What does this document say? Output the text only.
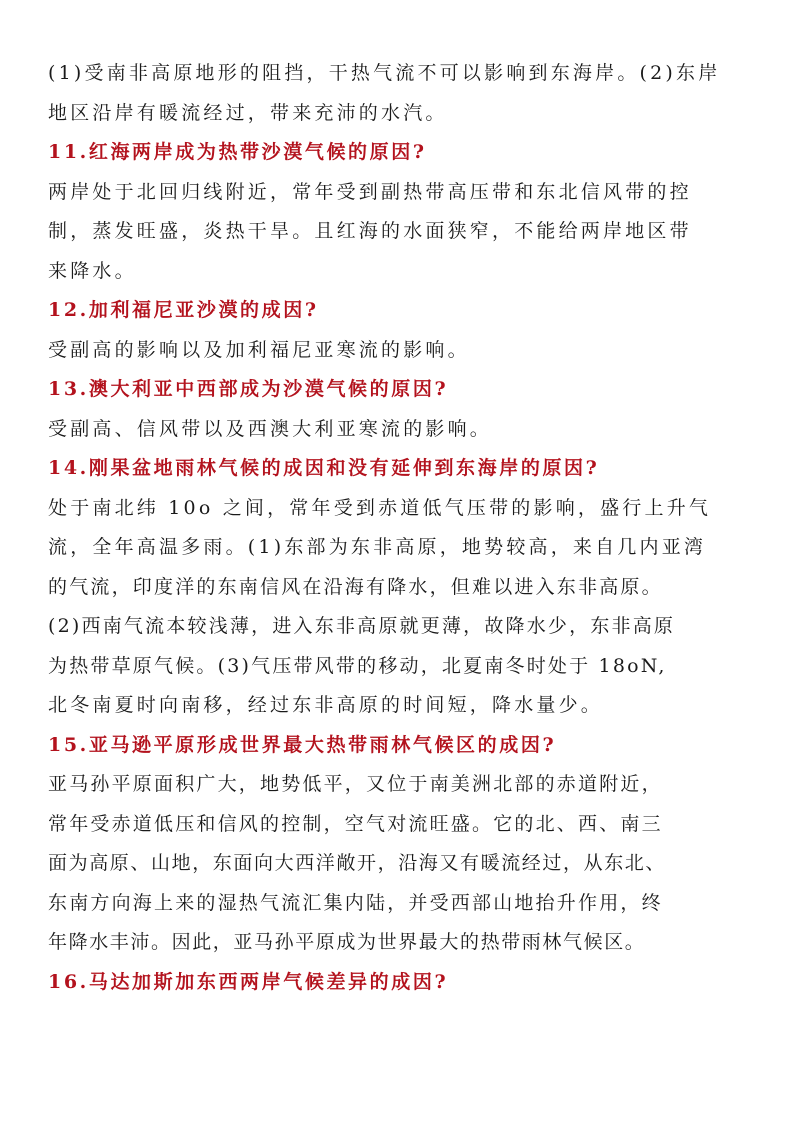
(1)受南非高原地形的阻挡，干热气流不可以影响到东海岸。(2)东岸
地区沿岸有暖流经过，带来充沛的水汽。
11.红海两岸成为热带沙漠气候的原因?
两岸处于北回归线附近，常年受到副热带高压带和东北信风带的控
制，蒸发旺盛，炎热干旱。且红海的水面狭窄，不能给两岸地区带
来降水。
12.加利福尼亚沙漠的成因?
受副高的影响以及加利福尼亚寒流的影响。
13.澳大利亚中西部成为沙漠气候的原因?
受副高、信风带以及西澳大利亚寒流的影响。
14.刚果盆地雨林气候的成因和没有延伸到东海岸的原因?
处于南北纬 10o 之间，常年受到赤道低气压带的影响，盛行上升气
流，全年高温多雨。(1)东部为东非高原，地势较高，来自几内亚湾
的气流，印度洋的东南信风在沿海有降水，但难以进入东非高原。
(2)西南气流本较浅薄，进入东非高原就更薄，故降水少，东非高原
为热带草原气候。(3)气压带风带的移动，北夏南冬时处于 18oN,
北冬南夏时向南移，经过东非高原的时间短，降水量少。
15.亚马逊平原形成世界最大热带雨林气候区的成因?
亚马孙平原面积广大，地势低平，又位于南美洲北部的赤道附近，
常年受赤道低压和信风的控制，空气对流旺盛。它的北、西、南三
面为高原、山地，东面向大西洋敞开，沿海又有暖流经过，从东北、
东南方向海上来的湿热气流汇集内陆，并受西部山地抬升作用，终
年降水丰沛。因此，亚马孙平原成为世界最大的热带雨林气候区。
16.马达加斯加东西两岸气候差异的成因?
